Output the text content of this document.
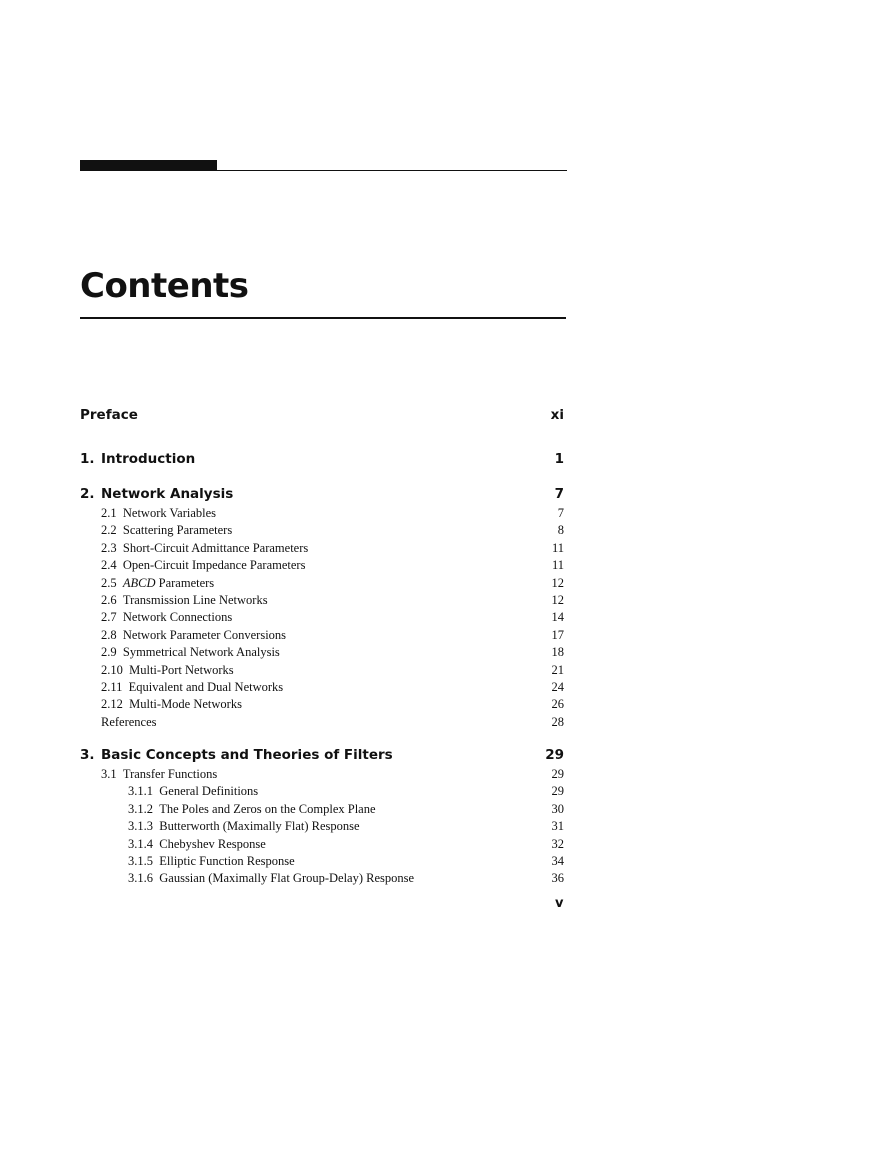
Contents
Preface	xi
1. Introduction	1
2. Network Analysis	7
2.1 Network Variables	7
2.2 Scattering Parameters	8
2.3 Short-Circuit Admittance Parameters	11
2.4 Open-Circuit Impedance Parameters	11
2.5 ABCD Parameters	12
2.6 Transmission Line Networks	12
2.7 Network Connections	14
2.8 Network Parameter Conversions	17
2.9 Symmetrical Network Analysis	18
2.10 Multi-Port Networks	21
2.11 Equivalent and Dual Networks	24
2.12 Multi-Mode Networks	26
References	28
3. Basic Concepts and Theories of Filters	29
3.1 Transfer Functions	29
3.1.1 General Definitions	29
3.1.2 The Poles and Zeros on the Complex Plane	30
3.1.3 Butterworth (Maximally Flat) Response	31
3.1.4 Chebyshev Response	32
3.1.5 Elliptic Function Response	34
3.1.6 Gaussian (Maximally Flat Group-Delay) Response	36
v
